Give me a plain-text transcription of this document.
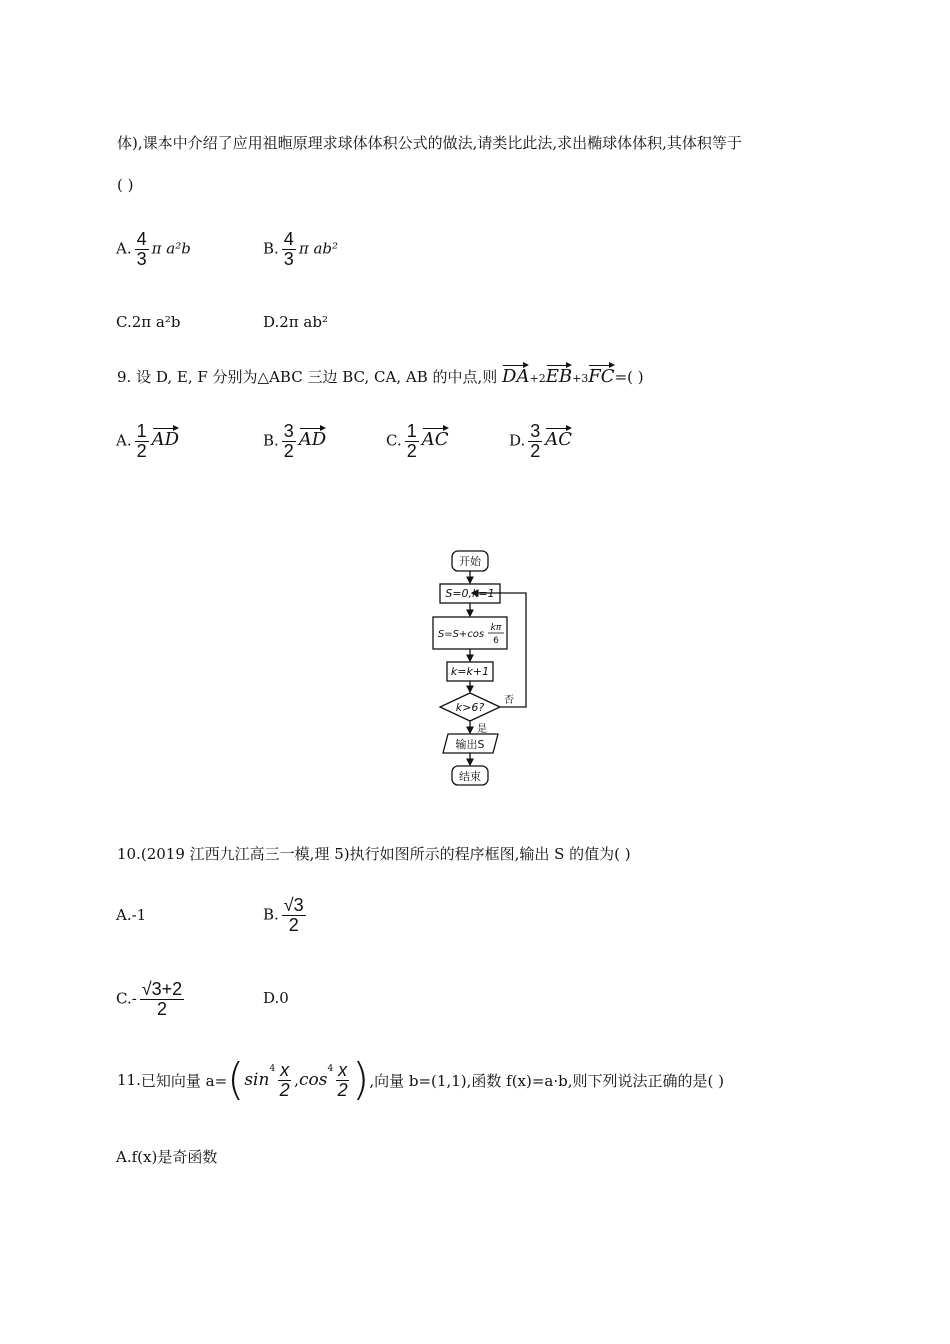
体),课本中介绍了应用祖暅原理求球体体积公式的做法,请类比此法,求出椭球体体积,其体积等于
( )
A. $\frac{4}{3}$ π a²b	B. $\frac{4}{3}$ π ab²
C.2π a²b	D.2π ab²
9. 设 D, E, F 分别为△ABC 三边 BC, CA, AB 的中点,则 DA+2EB+3FC=( )
A. $\frac{1}{2}$ AD	B. $\frac{3}{2}$ AD	C. $\frac{1}{2}$ AC	D. $\frac{3}{2}$ AC
开始
S=0,k=1
S=S+cos
kπ
6
k=k+1
k>6?
否
是
输出S
结束
10.(2019 江西九江高三一模,理 5)执行如图所示的程序框图,输出 S 的值为( )
A.-1	B. $\frac{√3}{2}$
$C.- \frac{√3+2}{2}$	D.0
11. 已知向量 a= ( sin
$^4 \frac{x}{2}$ , cos
$^4 \frac{x}{2}$ ) ,向量 b=(1,1),函数 f(x)=a·b,则下列说法正确的是( )
A.f(x)是奇函数
